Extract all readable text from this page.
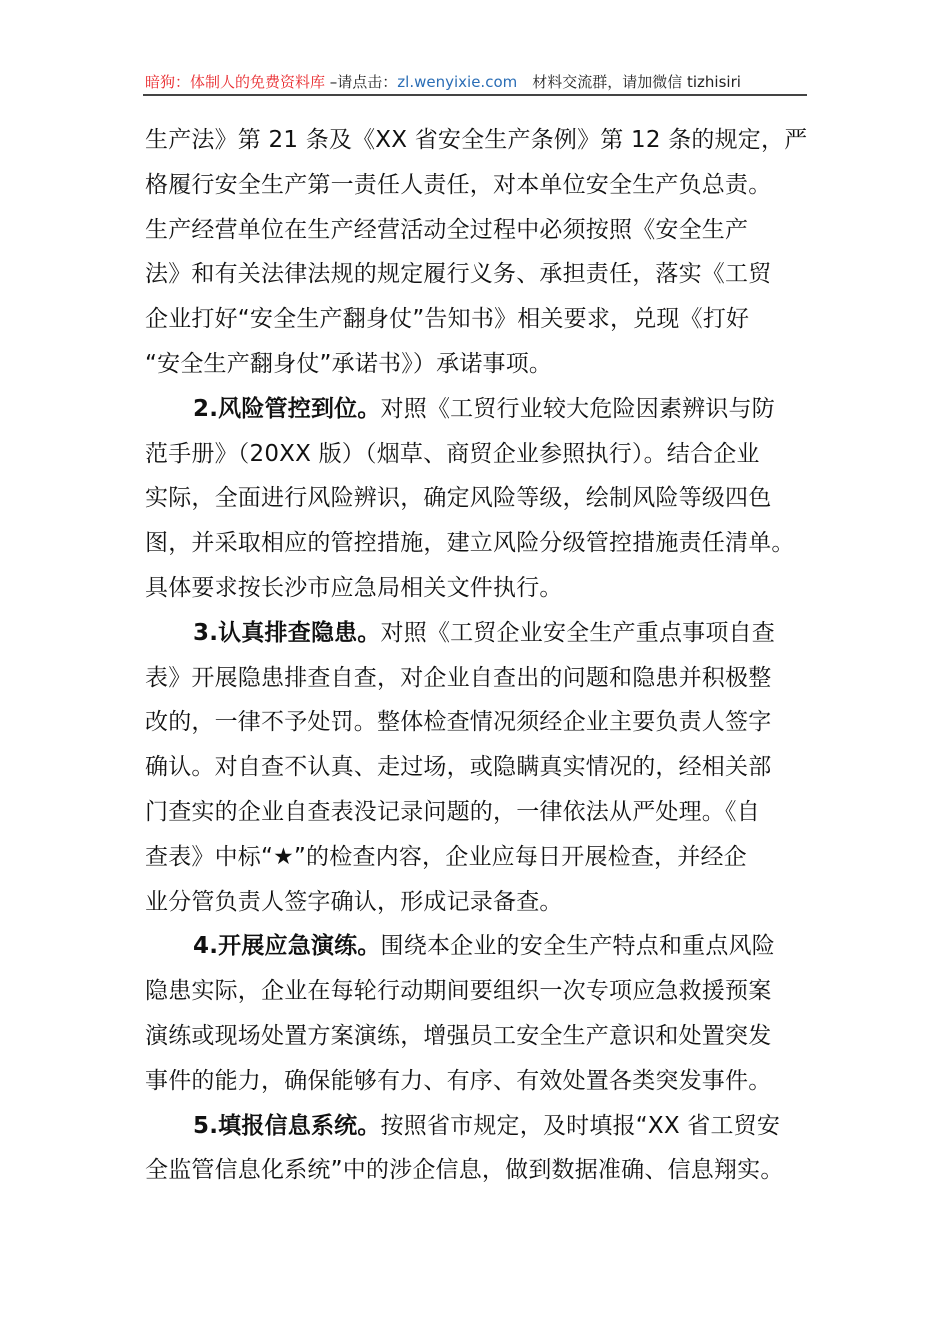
暗狗：体制人的免费资料库 –请点击：zl.wenyixie.com　材料交流群，请加微信 tizhisiri
生产法》第 21 条及《XX 省安全生产条例》第 12 条的规定，严
格履行安全生产第一责任人责任，对本单位安全生产负总责。
生产经营单位在生产经营活动全过程中必须按照《安全生产
法》和有关法律法规的规定履行义务、承担责任，落实《工贸
企业打好“安全生产翻身仗”告知书》相关要求，兑现《打好
“安全生产翻身仗”承诺书》）承诺事项。
2.风险管控到位。对照《工贸行业较大危险因素辨识与防
范手册》（20XX 版）（烟草、商贸企业参照执行）。结合企业
实际，全面进行风险辨识，确定风险等级，绘制风险等级四色
图，并采取相应的管控措施，建立风险分级管控措施责任清单。
具体要求按长沙市应急局相关文件执行。
3.认真排查隐患。对照《工贸企业安全生产重点事项自查
表》开展隐患排查自查，对企业自查出的问题和隐患并积极整
改的，一律不予处罚。整体检查情况须经企业主要负责人签字
确认。对自查不认真、走过场，或隐瞒真实情况的，经相关部
门查实的企业自查表没记录问题的，一律依法从严处理。《自
查表》中标“★”的检查内容，企业应每日开展检查，并经企
业分管负责人签字确认，形成记录备查。
4.开展应急演练。围绕本企业的安全生产特点和重点风险
隐患实际，企业在每轮行动期间要组织一次专项应急救援预案
演练或现场处置方案演练，增强员工安全生产意识和处置突发
事件的能力，确保能够有力、有序、有效处置各类突发事件。
5.填报信息系统。按照省市规定，及时填报“XX 省工贸安
全监管信息化系统”中的涉企信息，做到数据准确、信息翔实。
